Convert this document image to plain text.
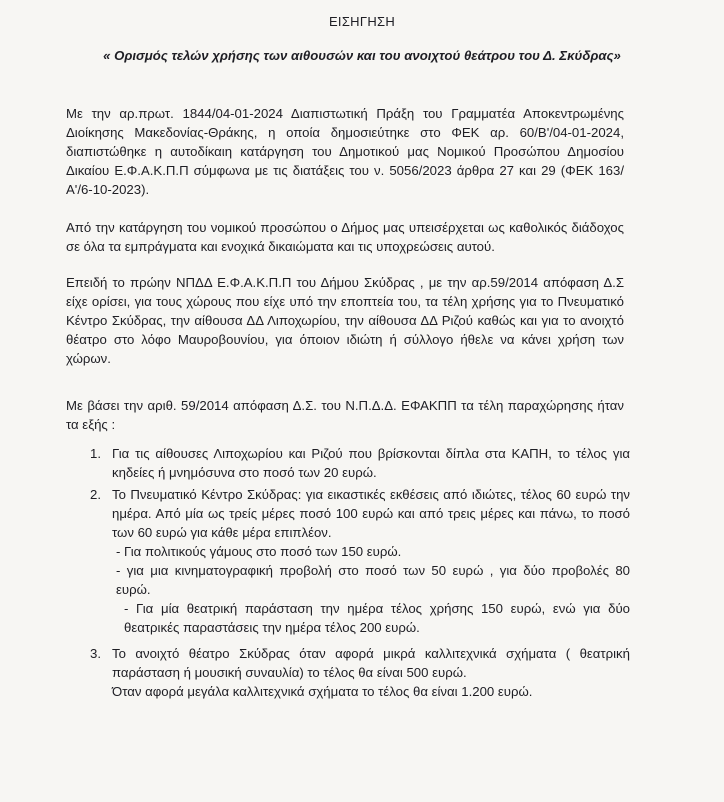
ΕΙΣΗΓΗΣΗ
« Ορισμός τελών χρήσης των αιθουσών και του ανοιχτού θεάτρου του Δ. Σκύδρας»

Με την αρ.πρωτ. 1844/04-01-2024 Διαπιστωτική Πράξη του Γραμματέα Αποκεντρωμένης Διοίκησης Μακεδονίας-Θράκης, η οποία δημοσιεύτηκε στο ΦΕΚ αρ. 60/Β'/04-01-2024, διαπιστώθηκε η αυτοδίκαιη κατάργηση του Δημοτικού μας Νομικού Προσώπου Δημοσίου Δικαίου Ε.Φ.Α.Κ.Π.Π σύμφωνα με τις διατάξεις του ν. 5056/2023 άρθρα 27 και 29 (ΦΕΚ 163/Α'/6-10-2023).

Από την κατάργηση του νομικού προσώπου ο Δήμος μας υπεισέρχεται ως καθολικός διάδοχος σε όλα τα εμπράγματα και ενοχικά δικαιώματα και τις υποχρεώσεις αυτού.

Επειδή το πρώην ΝΠΔΔ Ε.Φ.Α.Κ.Π.Π του Δήμου Σκύδρας , με την αρ.59/2014 απόφαση Δ.Σ είχε ορίσει, για τους χώρους που είχε υπό την εποπτεία του, τα τέλη χρήσης για το Πνευματικό Κέντρο Σκύδρας, την αίθουσα ΔΔ Λιποχωρίου, την αίθουσα ΔΔ Ριζού καθώς και για το ανοιχτό θέατρο στο λόφο Μαυροβουνίου, για όποιον ιδιώτη ή σύλλογο ήθελε να κάνει χρήση των χώρων.

Με βάσει την αριθ. 59/2014 απόφαση Δ.Σ. του Ν.Π.Δ.Δ. ΕΦΑΚΠΠ τα τέλη παραχώρησης ήταν τα εξής :

1. Για τις αίθουσες Λιποχωρίου και Ριζού που βρίσκονται δίπλα στα ΚΑΠΗ, το τέλος για κηδείες ή μνημόσυνα στο ποσό των 20 ευρώ.

2. Το Πνευματικό Κέντρο Σκύδρας: για εικαστικές εκθέσεις από ιδιώτες, τέλος 60 ευρώ την ημέρα. Από μία ως τρείς μέρες ποσό 100 ευρώ και από τρεις μέρες και πάνω, το ποσό των 60 ευρώ για κάθε μέρα επιπλέον.

- Για πολιτικούς γάμους στο ποσό των 150 ευρώ.

- για μια κινηματογραφική προβολή στο ποσό των 50 ευρώ , για δύο προβολές 80 ευρώ.

- Για μία θεατρική παράσταση την ημέρα τέλος χρήσης 150 ευρώ, ενώ για δύο θεατρικές παραστάσεις την ημέρα τέλος 200 ευρώ.

3. Το ανοιχτό θέατρο Σκύδρας όταν αφορά μικρά καλλιτεχνικά σχήματα ( θεατρική παράσταση ή μουσική συναυλία) το τέλος θα είναι 500 ευρώ.

Όταν αφορά μεγάλα καλλιτεχνικά σχήματα το τέλος θα είναι 1.200 ευρώ.
